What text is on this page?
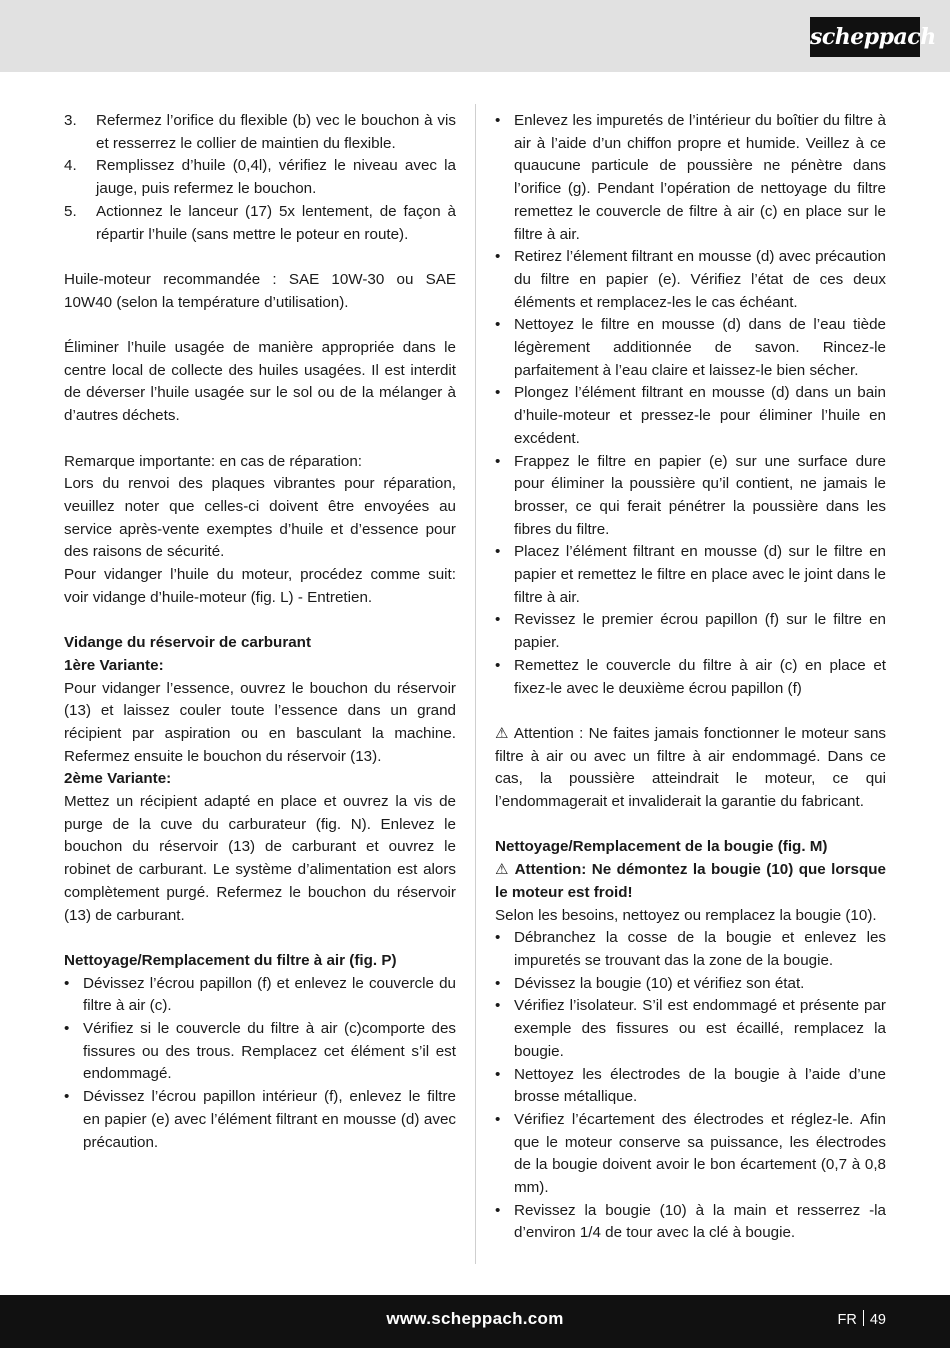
scheppach
3. Refermez l’orifice du flexible (b) vec le bouchon à vis et resserrez le collier de maintien du flexible.
4. Remplissez d’huile (0,4l), vérifiez le niveau avec la jauge, puis refermez le bouchon.
5. Actionnez le lanceur (17) 5x lentement, de façon à répartir l’huile (sans mettre le poteur en route).

Huile-moteur recommandée : SAE 10W-30 ou SAE 10W40 (selon la température d’utilisation).

Éliminer l’huile usagée de manière appropriée dans le centre local de collecte des huiles usagées. Il est interdit de déverser l’huile usagée sur le sol ou de la mélanger à d’autres déchets.

Remarque importante: en cas de réparation:

Lors du renvoi des plaques vibrantes pour réparation, veuillez noter que celles-ci doivent être envoyées au service après-vente exemptes d’huile et d’essence pour des raisons de sécurité.

Pour vidanger l’huile du moteur, procédez comme suit: voir vidange d’huile-moteur (fig. L) - Entretien.

Vidange du réservoir de carburant

1ère Variante:

Pour vidanger l’essence, ouvrez le bouchon du réservoir (13) et laissez couler toute l’essence dans un grand récipient par aspiration ou en basculant la machine. Refermez ensuite le bouchon du réservoir (13).

2ème Variante:

Mettez un récipient adapté en place et ouvrez la vis de purge de la cuve du carburateur (fig. N). Enlevez le bouchon du réservoir (13) de carburant et ouvrez le robinet de carburant. Le système d’alimentation est alors complètement purgé. Refermez le bouchon du réservoir (13) de carburant.

Nettoyage/Remplacement du filtre à air (fig. P)

• Dévissez l’écrou papillon (f) et enlevez le couvercle du filtre à air (c).
• Vérifiez si le couvercle du filtre à air (c)comporte des fissures ou des trous. Remplacez cet élément s’il est endommagé.
• Dévissez l’écrou papillon intérieur (f), enlevez le filtre en papier (e) avec l’élément filtrant en mousse (d) avec précaution.
• Enlevez les impuretés de l’intérieur du boîtier du filtre à air à l’aide d’un chiffon propre et humide. Veillez à ce quaucune particule de poussière ne pénètre dans l’orifice (g). Pendant l’opération de nettoyage du filtre remettez le couvercle de filtre à air (c) en place sur le filtre à air.
• Retirez l’élement filtrant en mousse (d) avec précaution du filtre en papier (e). Vérifiez l’état de ces deux éléments et remplacez-les le cas échéant.
• Nettoyez le filtre en mousse (d) dans de l’eau tiède légèrement additionnée de savon. Rincez-le parfaitement à l’eau claire et laissez-le bien sécher.
• Plongez l’élément filtrant en mousse (d) dans un bain d’huile-moteur et pressez-le pour éliminer l’huile en excédent.
• Frappez le filtre en papier (e) sur une surface dure pour éliminer la poussière qu’il contient, ne jamais le brosser, ce qui ferait pénétrer la poussière dans les fibres du filtre.
• Placez l’élément filtrant en mousse (d) sur le filtre en papier et remettez le filtre en place avec le joint dans le filtre à air.
• Revissez le premier écrou papillon (f) sur le filtre en papier.
• Remettez le couvercle du filtre à air (c) en place et fixez-le avec le deuxième écrou papillon (f)

⚠ Attention : Ne faites jamais fonctionner le moteur sans filtre à air ou avec un filtre à air endommagé. Dans ce cas, la poussière atteindrait le moteur, ce qui l’endommagerait et invaliderait la garantie du fabricant.

Nettoyage/Remplacement de la bougie (fig. M)

⚠ Attention: Ne démontez la bougie (10) que lorsque le moteur est froid!

Selon les besoins, nettoyez ou remplacez la bougie (10).

• Débranchez la cosse de la bougie et enlevez les impuretés se trouvant das la zone de la bougie.
• Dévissez la bougie (10) et vérifiez son état.
• Vérifiez l’isolateur. S’il est endommagé et présente par exemple des fissures ou est écaillé, remplacez la bougie.
• Nettoyez les électrodes de la bougie à l’aide d’une brosse métallique.
• Vérifiez l’écartement des électrodes et réglez-le. Afin que le moteur conserve sa puissance, les électrodes de la bougie doivent avoir le bon écartement (0,7 à 0,8 mm).
• Revissez la bougie (10) à la main et resserrez -la d’environ 1/4 de tour avec la clé à bougie.
www.scheppach.com	FR 49
